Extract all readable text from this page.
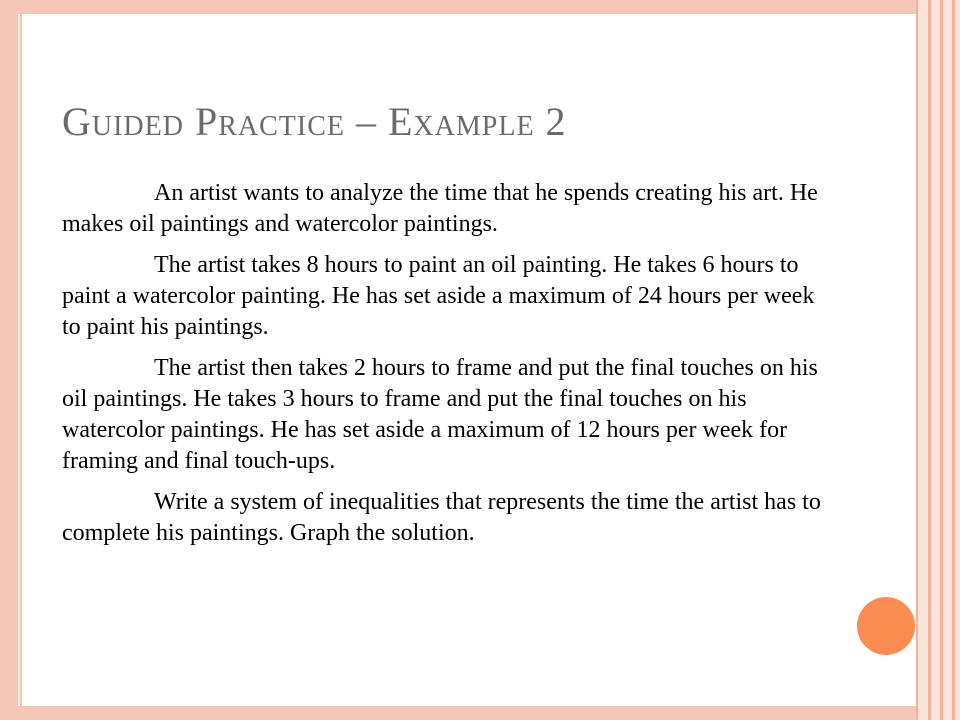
Guided Practice – Example 2

An artist wants to analyze the time that he spends creating his art. He makes oil paintings and watercolor paintings.

The artist takes 8 hours to paint an oil painting. He takes 6 hours to paint a watercolor painting. He has set aside a maximum of 24 hours per week to paint his paintings.

The artist then takes 2 hours to frame and put the final touches on his oil paintings. He takes 3 hours to frame and put the final touches on his watercolor paintings. He has set aside a maximum of 12 hours per week for framing and final touch-ups.

Write a system of inequalities that represents the time the artist has to complete his paintings. Graph the solution.
